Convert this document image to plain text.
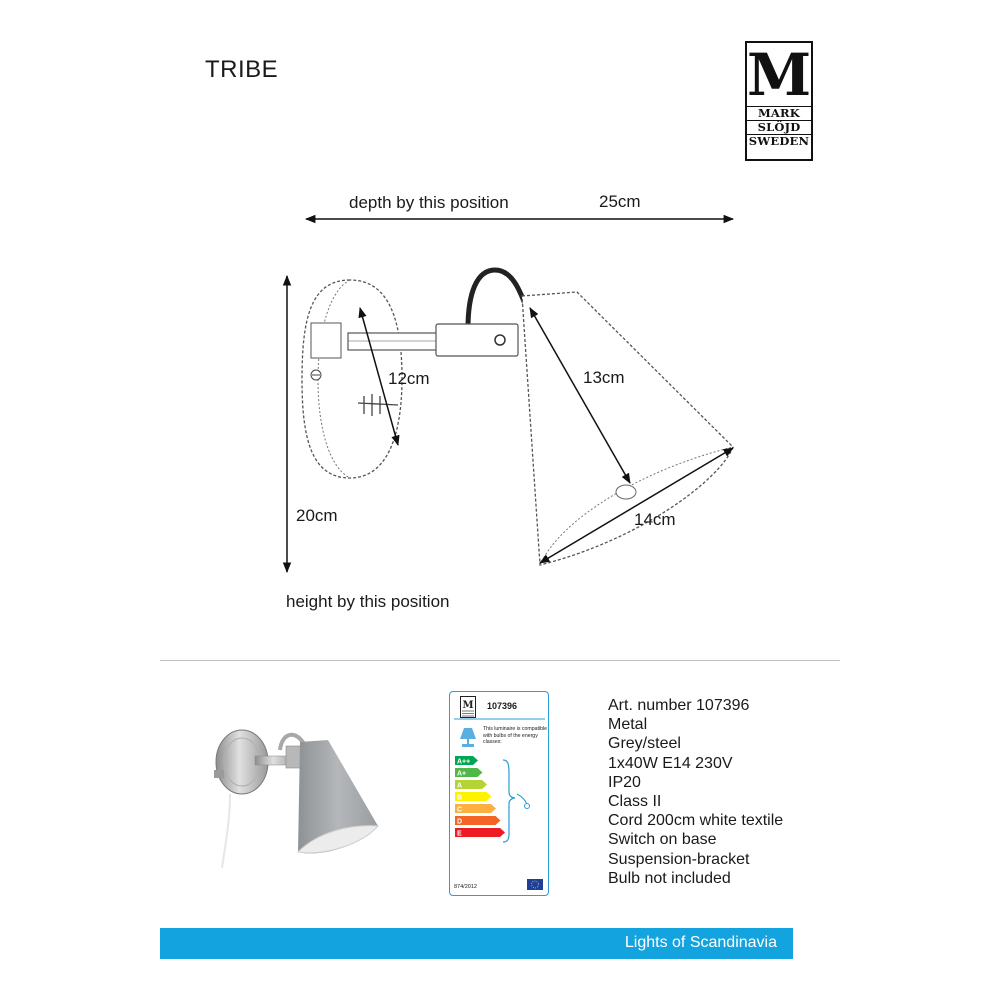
TRIBE	M
MARK
SLÖJD
SWEDEN
depth by this position	25cm
20cm
height by this position
12cm	13cm
14cm
M 107396
This luminaire is compatible with bulbs of the energy classes:
A++
A+
A
B
C
D
E
874/2012
Art. number 107396
Metal
Grey/steel
1x40W E14 230V
IP20
Class II
Cord 200cm white textile
Switch on base
Suspension-bracket
Bulb not included
Lights of Scandinavia
